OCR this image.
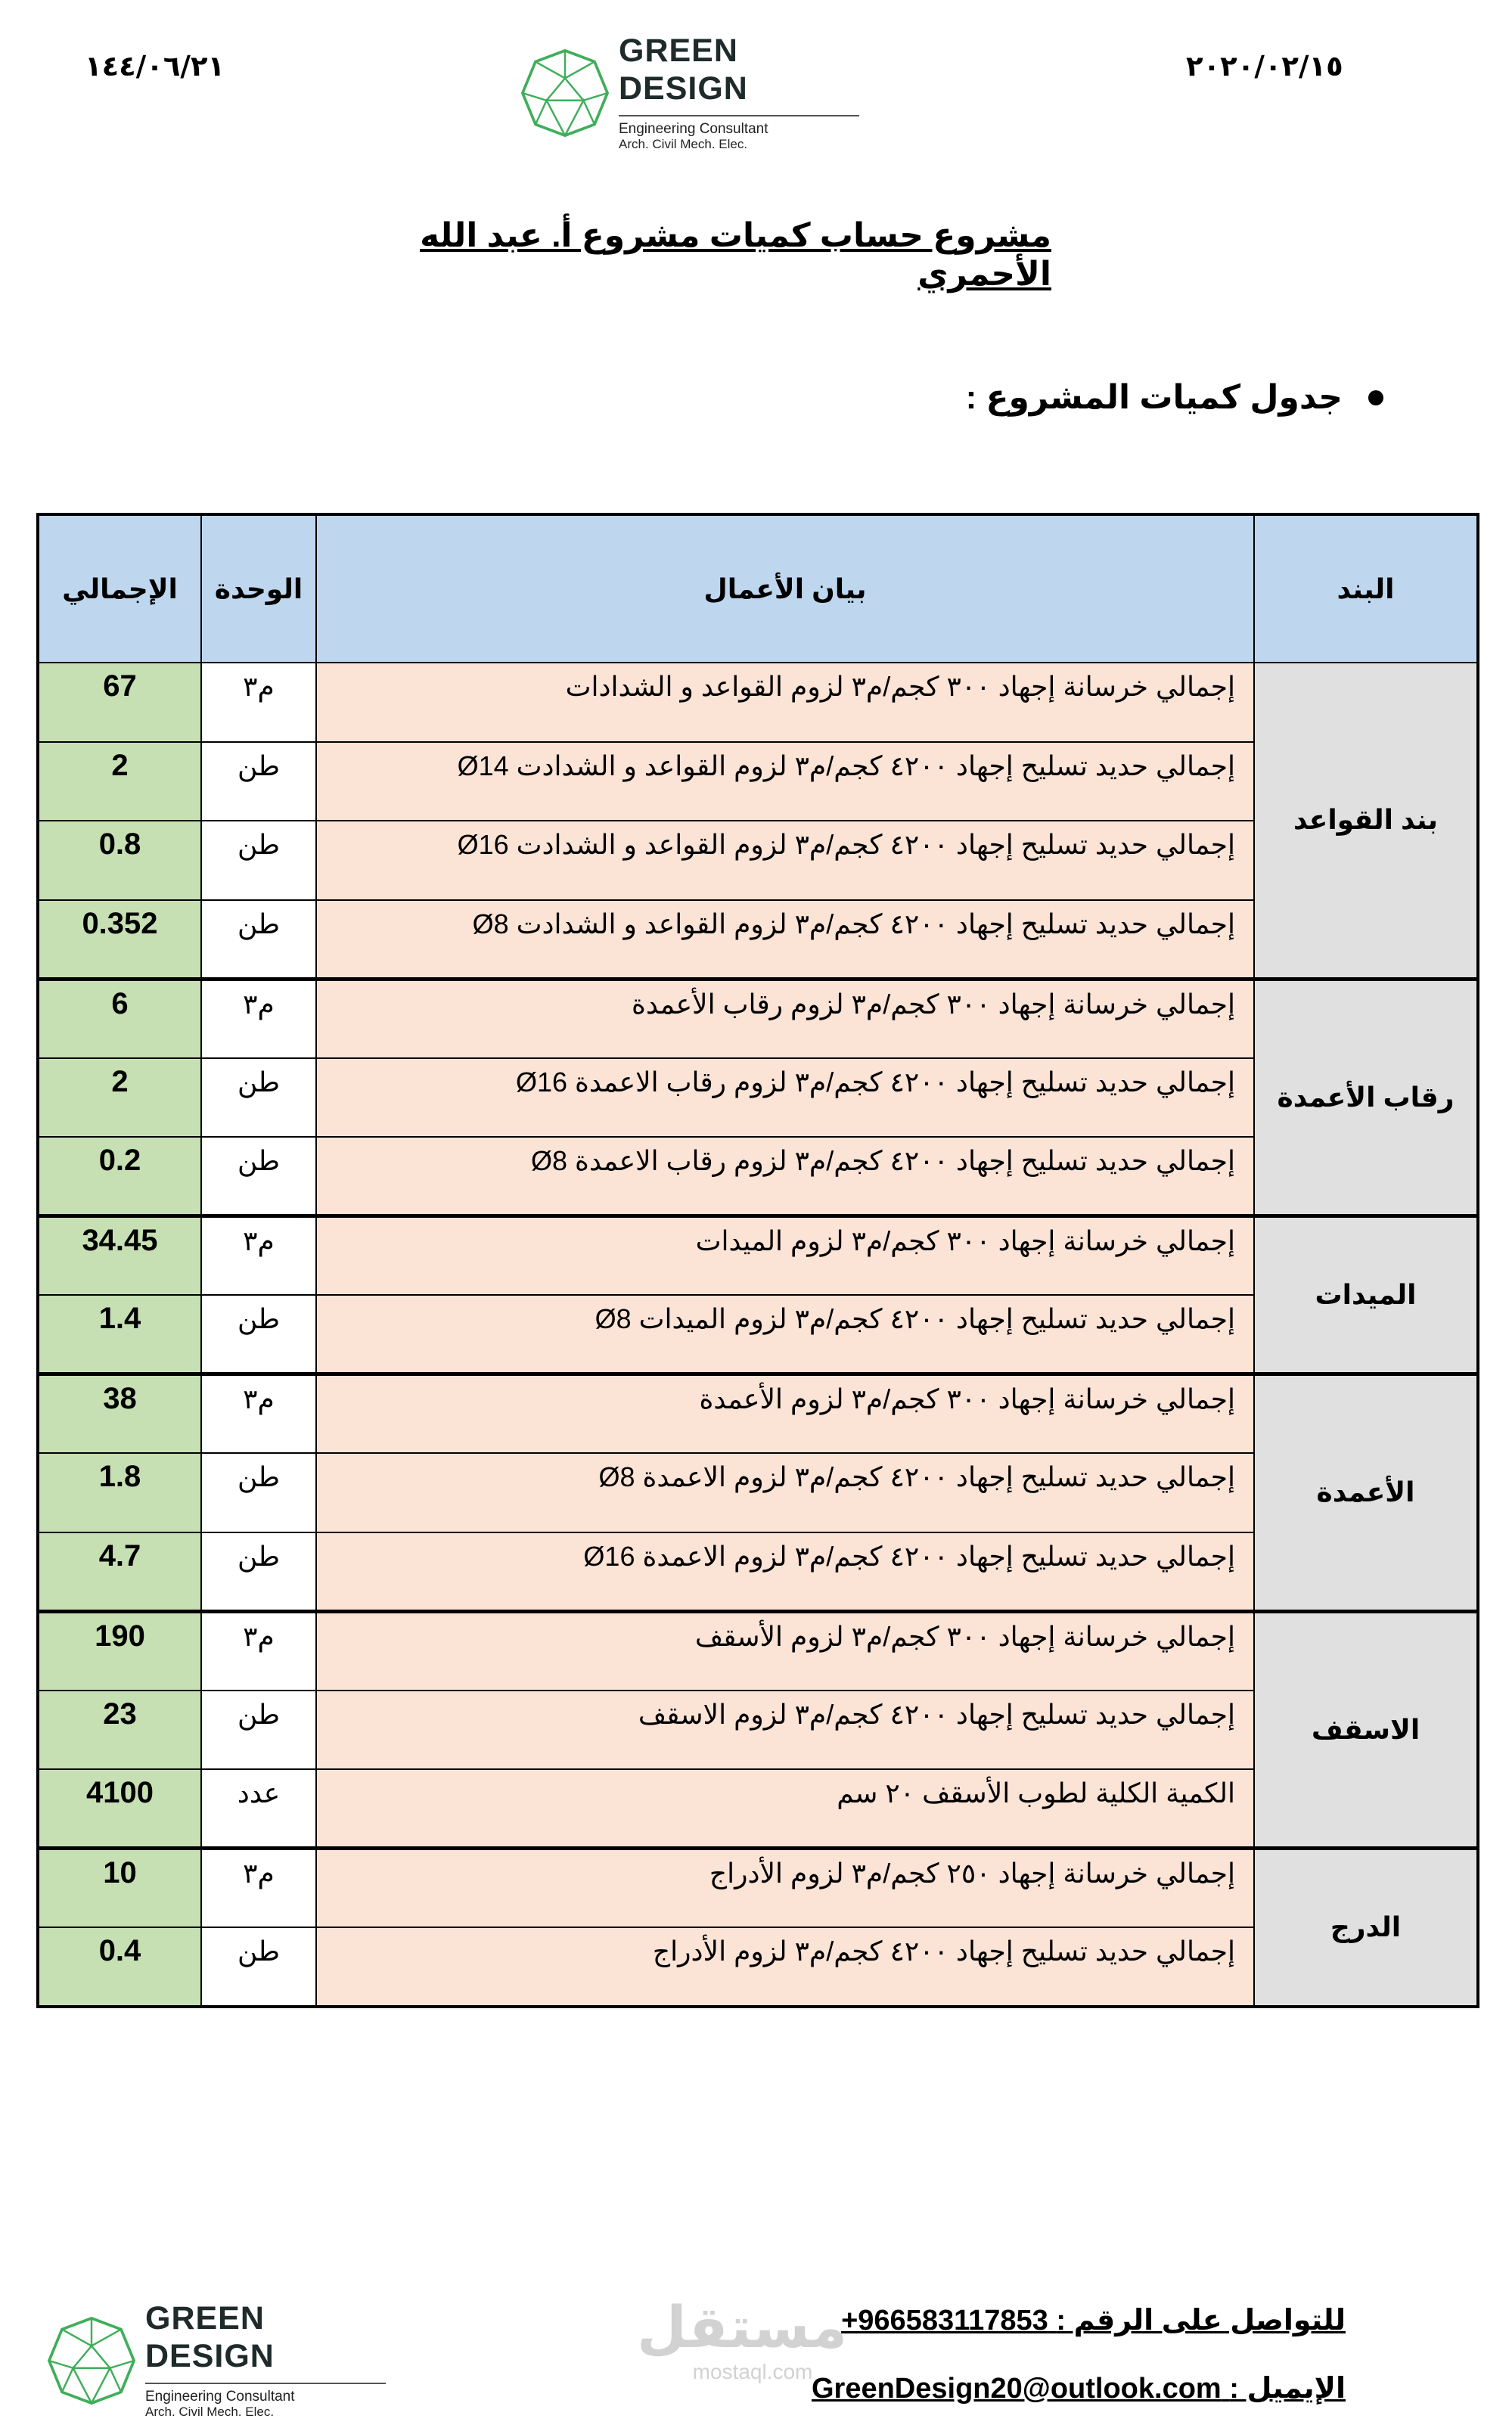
١٤٤/٠٦/٢١	٢٠٢٠/٠٢/١٥
GREEN
DESIGN
Engineering Consultant
Arch. Civil Mech. Elec.
مشروع حساب كميات مشروع أ. عبد الله الأحمري
جدول كميات المشروع :
البند	بيان الأعمال	الوحدة	الإجمالي
بند القواعد	إجمالي خرسانة إجهاد ٣٠٠ كجم/م٣ لزوم القواعد و الشدادات	م٣	67
	إجمالي حديد تسليح إجهاد ٤٢٠٠ كجم/م٣ لزوم القواعد و الشدادت Ø14	طن	2
	إجمالي حديد تسليح إجهاد ٤٢٠٠ كجم/م٣ لزوم القواعد و الشدادت Ø16	طن	0.8
	إجمالي حديد تسليح إجهاد ٤٢٠٠ كجم/م٣ لزوم القواعد و الشدادت Ø8	طن	0.352
رقاب الأعمدة	إجمالي خرسانة إجهاد ٣٠٠ كجم/م٣ لزوم رقاب الأعمدة	م٣	6
	إجمالي حديد تسليح إجهاد ٤٢٠٠ كجم/م٣ لزوم رقاب الاعمدة Ø16	طن	2
	إجمالي حديد تسليح إجهاد ٤٢٠٠ كجم/م٣ لزوم رقاب الاعمدة Ø8	طن	0.2
الميدات	إجمالي خرسانة إجهاد ٣٠٠ كجم/م٣ لزوم الميدات	م٣	34.45
	إجمالي حديد تسليح إجهاد ٤٢٠٠ كجم/م٣ لزوم الميدات Ø8	طن	1.4
الأعمدة	إجمالي خرسانة إجهاد ٣٠٠ كجم/م٣ لزوم الأعمدة	م٣	38
	إجمالي حديد تسليح إجهاد ٤٢٠٠ كجم/م٣ لزوم الاعمدة Ø8	طن	1.8
	إجمالي حديد تسليح إجهاد ٤٢٠٠ كجم/م٣ لزوم الاعمدة Ø16	طن	4.7
الاسقف	إجمالي خرسانة إجهاد ٣٠٠ كجم/م٣ لزوم الأسقف	م٣	190
	إجمالي حديد تسليح إجهاد ٤٢٠٠ كجم/م٣ لزوم الاسقف	طن	23
	الكمية الكلية لطوب الأسقف ٢٠ سم	عدد	4100
الدرج	إجمالي خرسانة إجهاد ٢٥٠ كجم/م٣ لزوم الأدراج	م٣	10
	إجمالي حديد تسليح إجهاد ٤٢٠٠ كجم/م٣ لزوم الأدراج	طن	0.4
GREEN
DESIGN
Engineering Consultant
Arch. Civil Mech. Elec.
مستقل
mostaql.com
للتواصل على الرقم : +966583117853
الإيميل : GreenDesign20@outlook.com
